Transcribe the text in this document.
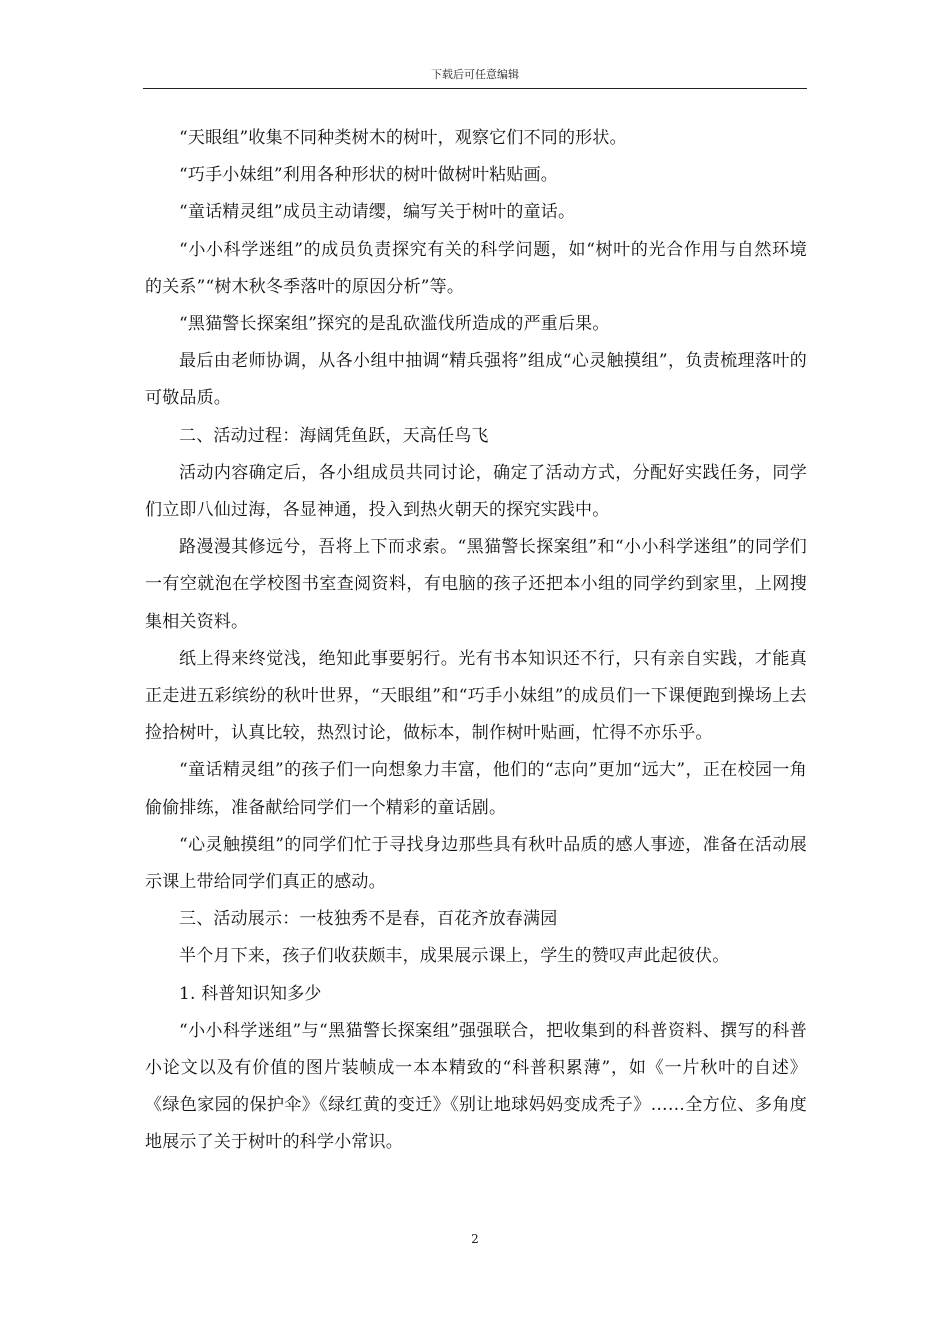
下载后可任意编辑

“天眼组”收集不同种类树木的树叶，观察它们不同的形状。

“巧手小妹组”利用各种形状的树叶做树叶粘贴画。

“童话精灵组”成员主动请缨，编写关于树叶的童话。

“小小科学迷组”的成员负责探究有关的科学问题，如“树叶的光合作用与自然环境的关系”“树木秋冬季落叶的原因分析”等。

“黑猫警长探案组”探究的是乱砍滥伐所造成的严重后果。

最后由老师协调，从各小组中抽调“精兵强将”组成“心灵触摸组”，负责梳理落叶的可敬品质。

二、活动过程：海阔凭鱼跃，天高任鸟飞

活动内容确定后，各小组成员共同讨论，确定了活动方式，分配好实践任务，同学们立即八仙过海，各显神通，投入到热火朝天的探究实践中。

路漫漫其修远兮，吾将上下而求索。“黑猫警长探案组”和“小小科学迷组”的同学们一有空就泡在学校图书室查阅资料，有电脑的孩子还把本小组的同学约到家里，上网搜集相关资料。

纸上得来终觉浅，绝知此事要躬行。光有书本知识还不行，只有亲自实践，才能真正走进五彩缤纷的秋叶世界，“天眼组”和“巧手小妹组”的成员们一下课便跑到操场上去捡拾树叶，认真比较，热烈讨论，做标本，制作树叶贴画，忙得不亦乐乎。

“童话精灵组”的孩子们一向想象力丰富，他们的“志向”更加“远大”，正在校园一角偷偷排练，准备献给同学们一个精彩的童话剧。

“心灵触摸组”的同学们忙于寻找身边那些具有秋叶品质的感人事迹，准备在活动展示课上带给同学们真正的感动。

三、活动展示：一枝独秀不是春，百花齐放春满园

半个月下来，孩子们收获颇丰，成果展示课上，学生的赞叹声此起彼伏。

1. 科普知识知多少

“小小科学迷组”与“黑猫警长探案组”强强联合，把收集到的科普资料、撰写的科普小论文以及有价值的图片装帧成一本本精致的“科普积累薄”，如《一片秋叶的自述》《绿色家园的保护伞》《绿红黄的变迁》《别让地球妈妈变成秃子》……全方位、多角度地展示了关于树叶的科学小常识。

2
